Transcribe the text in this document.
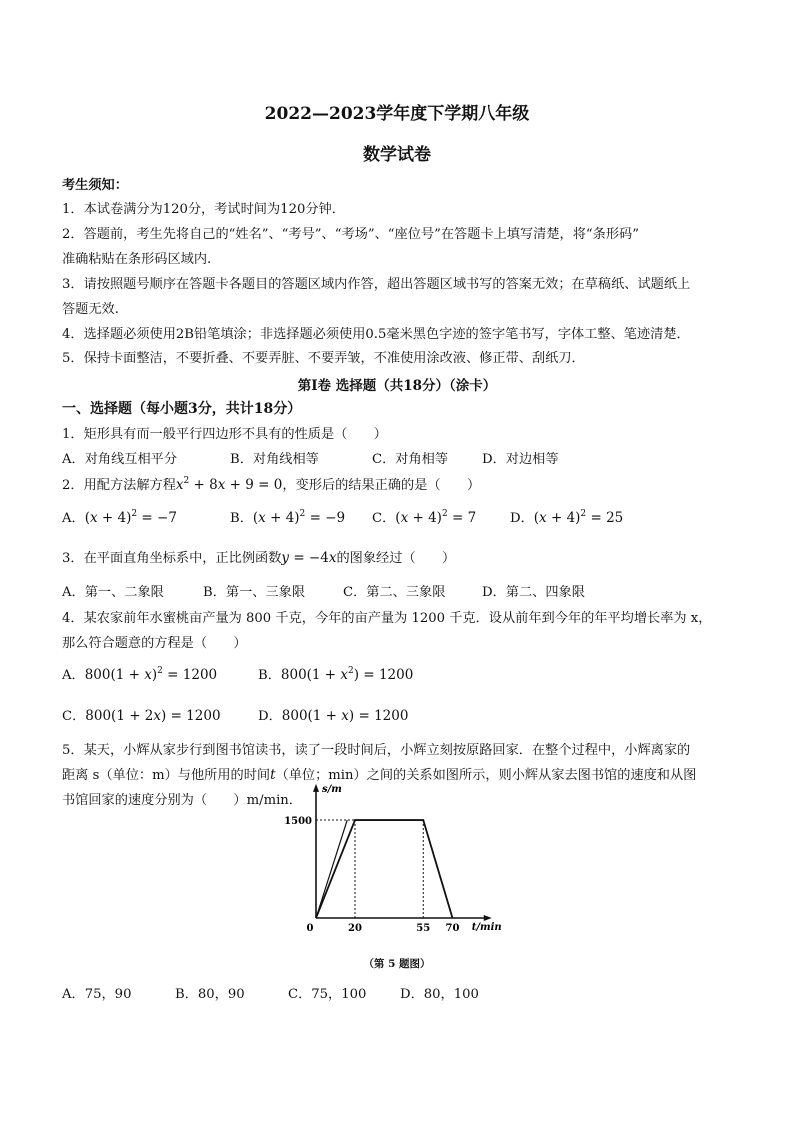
2022—2023学年度下学期八年级
数学试卷
考生须知：
1．本试卷满分为120分，考试时间为120分钟．
2．答题前，考生先将自己的“姓名”、“考号”、“考场”、“座位号”在答题卡上填写清楚，将“条形码”
准确粘贴在条形码区域内.
3．请按照题号顺序在答题卡各题目的答题区域内作答，超出答题区域书写的答案无效；在草稿纸、试题纸上
答题无效.
4．选择题必须使用2B铅笔填涂；非选择题必须使用0.5毫米黑色字迹的签字笔书写，字体工整、笔迹清楚．
5．保持卡面整洁，不要折叠、不要弄脏、不要弄皱，不准使用涂改液、修正带、刮纸刀．
第Ⅰ卷 选择题（共18分）（涂卡）
一、选择题（每小题3分，共计18分）
1．矩形具有而一般平行四边形不具有的性质是（　　）
A．对角线互相平分	B．对角线相等	C．对角相等	D．对边相等
2．用配方法解方程$x^2 + 8x + 9 = 0$，变形后的结果正确的是（　　）
A．$(x + 4)^2 = -7$	B．$(x + 4)^2 = -9$ C．$(x + 4)^2 = 7$	D．$(x + 4)^2 = 25$
3．在平面直角坐标系中，正比例函数y = −4x的图象经过（　　）
A．第一、二象限	B．第一、三象限	C．第二、三象限	D．第二、四象限
4．某农家前年水蜜桃亩产量为 800 千克，今年的亩产量为 1200 千克．设从前年到今年的年平均增长率为 x，
那么符合题意的方程是（　　）
A．$800(1 + x)^2 = 1200$	B．$800(1 + x^2) = 1200$
C．800(1 + 2x) = 1200	D．800(1 + x) = 1200
5．某天，小辉从家步行到图书馆读书，读了一段时间后，小辉立刻按原路回家．在整个过程中，小辉离家的
距离 s（单位：m）与他所用的时间t（单位；min）之间的关系如图所示，则小辉从家去图书馆的速度和从图
书馆回家的速度分别为（　　）m/min．
s/m
t/min
0	20	55 70
1500
（第 5 题图）
A．75，90	B．80，90	C．75，100	D．80，100
